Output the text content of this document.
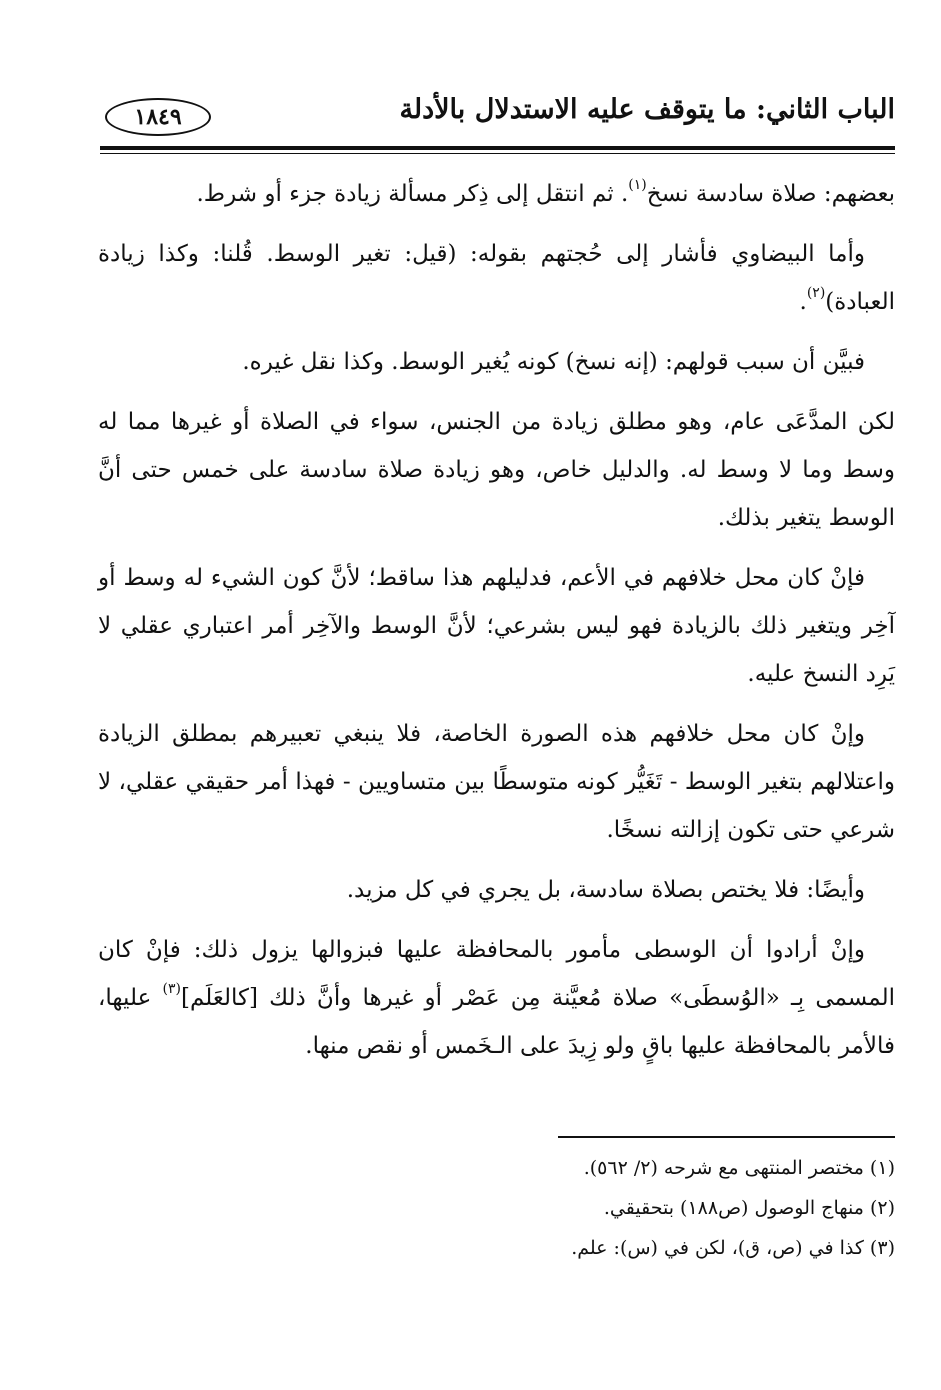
الباب الثاني: ما يتوقف عليه الاستدلال بالأدلة
١٨٤٩

بعضهم: صلاة سادسة نسخ$^{(١)}$. ثم انتقل إلى ذِكر مسألة زيادة جزء أو شرط.

وأما البيضاوي فأشار إلى حُجتهم بقوله: (قيل: تغير الوسط. قُلنا: وكذا زيادة العبادة)$^{(٢)}$.

فبيَّن أن سبب قولهم: (إنه نسخ) كونه يُغير الوسط. وكذا نقل غيره.

لكن المدَّعَى عام، وهو مطلق زيادة من الجنس، سواء في الصلاة أو غيرها مما له وسط وما لا وسط له. والدليل خاص، وهو زيادة صلاة سادسة على خمس حتى أنَّ الوسط يتغير بذلك.

فإنْ كان محل خلافهم في الأعم، فدليلهم هذا ساقط؛ لأنَّ كون الشيء له وسط أو آخِر ويتغير ذلك بالزيادة فهو ليس بشرعي؛ لأنَّ الوسط والآخِر أمر اعتباري عقلي لا يَرِد النسخ عليه.

وإنْ كان محل خلافهم هذه الصورة الخاصة، فلا ينبغي تعبيرهم بمطلق الزيادة واعتلالهم بتغير الوسط - تَغَيُّر كونه متوسطًا بين متساويين - فهذا أمر حقيقي عقلي، لا شرعي حتى تكون إزالته نسخًا.

وأيضًا: فلا يختص بصلاة سادسة، بل يجري في كل مزيد.

وإنْ أرادوا أن الوسطى مأمور بالمحافظة عليها فبزوالها يزول ذلك: فإنْ كان المسمى بِـ «الوُسطَى» صلاة مُعيَّنة مِن عَصْر أو غيرها وأنَّ ذلك [كالعَلَم]$^{(٣)}$ عليها، فالأمر بالمحافظة عليها باقٍ ولو زِيدَ على الـخَمس أو نقص منها.

(١) مختصر المنتهى مع شرحه (٢/ ٥٦٢).
(٢) منهاج الوصول (ص١٨٨) بتحقيقي.
(٣) كذا في (ص، ق)، لكن في (س): علم.
